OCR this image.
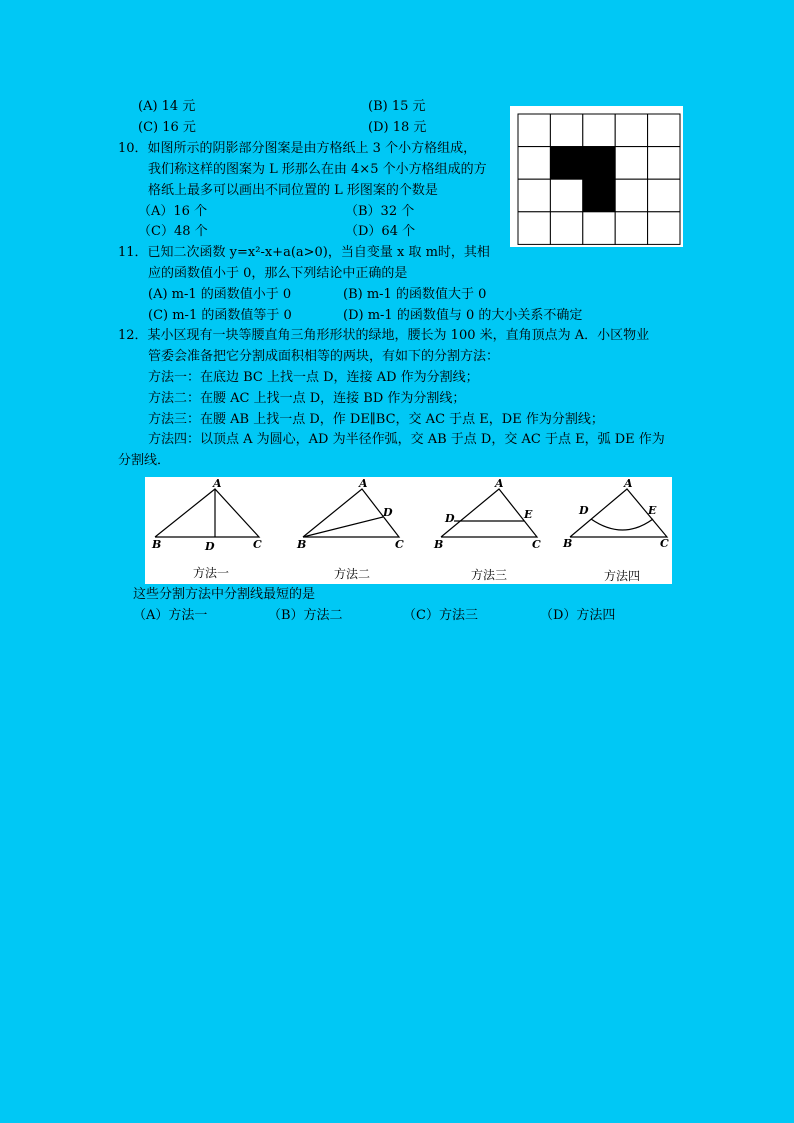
(A) 14 元	(B) 15 元
(C) 16 元	(D) 18 元
10．如图所示的阴影部分图案是由方格纸上 3 个小方格组成，
我们称这样的图案为 L 形那么在由 4×5 个小方格组成的方
格纸上最多可以画出不同位置的 L 形图案的个数是
（A）16 个	（B）32 个
（C）48 个	（D）64 个
11．已知二次函数 y=x²-x+a(a>0)，当自变量 x 取 m时，其相
应的函数值小于 0，那么下列结论中正确的是
(A) m-1 的函数值小于 0	(B) m-1 的函数值大于 0
(C) m-1 的函数值等于 0	(D) m-1 的函数值与 0 的大小关系不确定
12．某小区现有一块等腰直角三角形形状的绿地，腰长为 100 米，直角顶点为 A．小区物业
管委会准备把它分割成面积相等的两块，有如下的分割方法：
方法一：在底边 BC 上找一点 D，连接 AD 作为分割线；
方法二：在腰 AC 上找一点 D，连接 BD 作为分割线；
方法三：在腰 AB 上找一点 D，作 DE∥BC，交 AC 于点 E，DE 作为分割线；
方法四：以顶点 A 为圆心，AD 为半径作弧，交 AB 于点 D，交 AC 于点 E，弧 DE 作为
分割线．
A
B	D	C
A
D
B	C
A
D	E
B	C
A
D	E
B	C
方法一	方法二	方法三	方法四
这些分割方法中分割线最短的是
（A）方法一	（B）方法二	（C）方法三	（D）方法四
